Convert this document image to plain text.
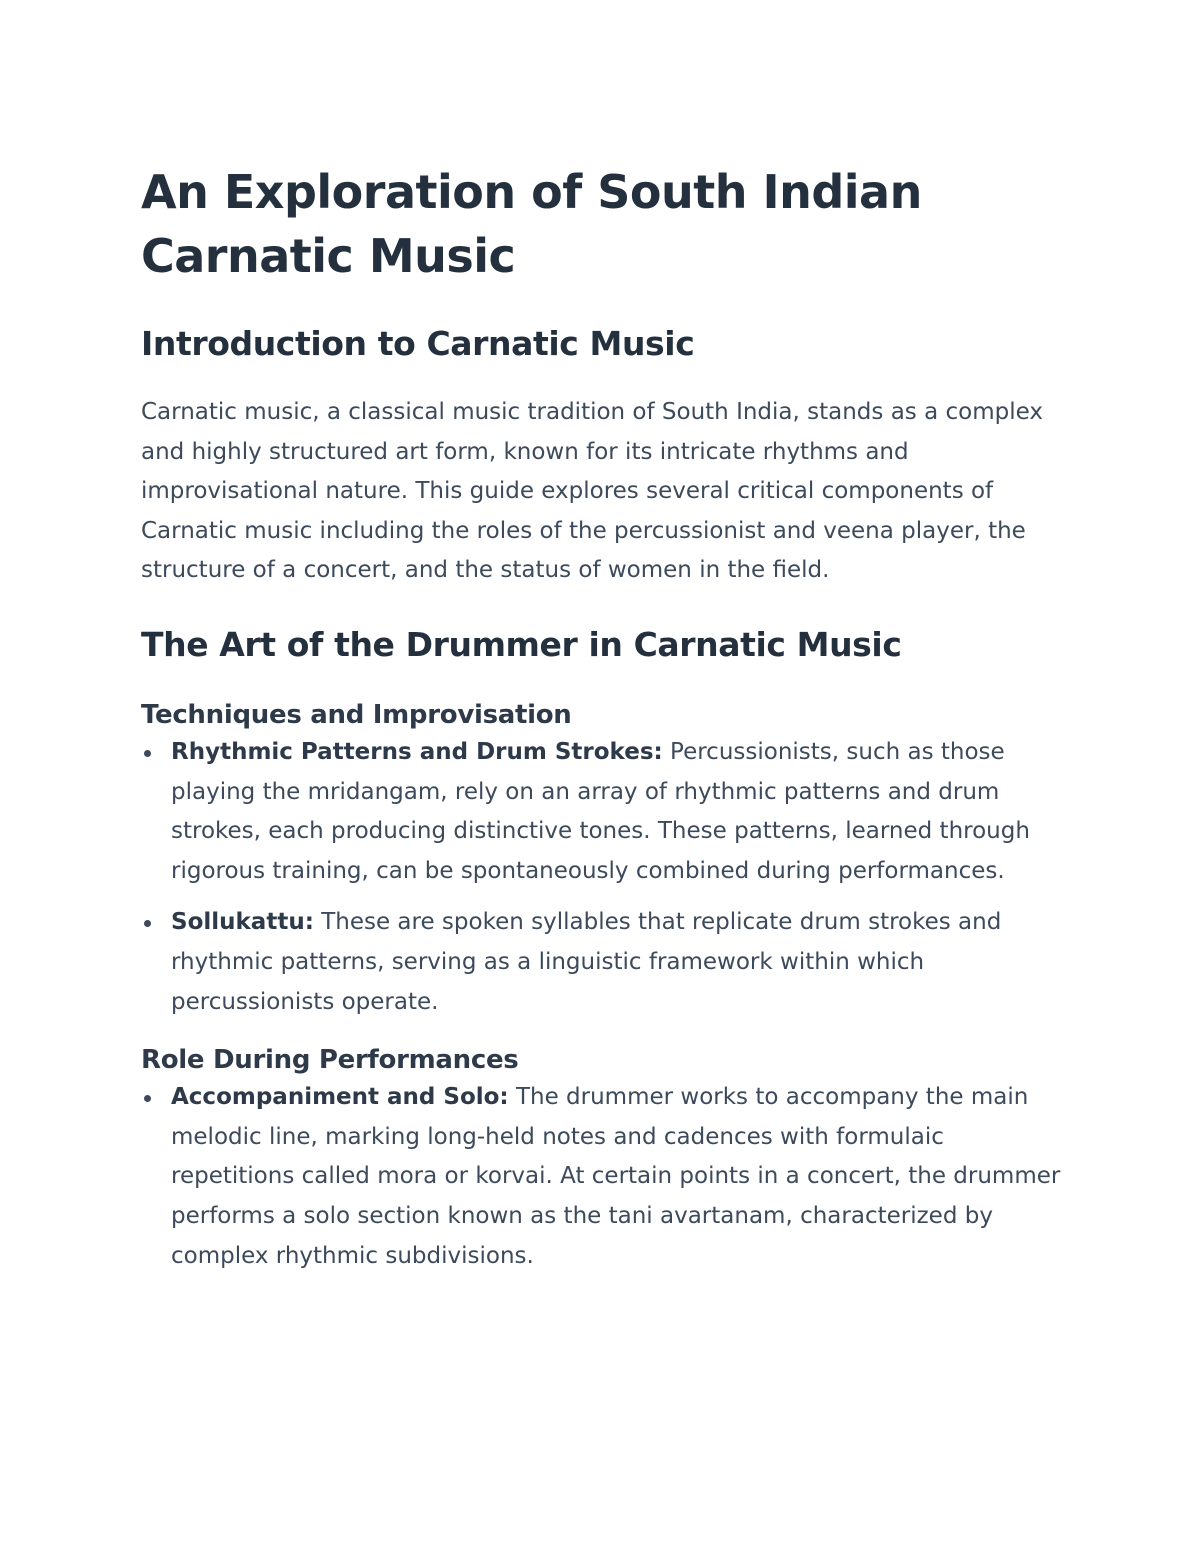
An Exploration of South Indian Carnatic Music
Introduction to Carnatic Music

Carnatic music, a classical music tradition of South India, stands as a complex and highly structured art form, known for its intricate rhythms and improvisational nature. This guide explores several critical components of Carnatic music including the roles of the percussionist and veena player, the structure of a concert, and the status of women in the field.

The Art of the Drummer in Carnatic Music
Techniques and Improvisation
Rhythmic Patterns and Drum Strokes: Percussionists, such as those playing the mridangam, rely on an array of rhythmic patterns and drum strokes, each producing distinctive tones. These patterns, learned through rigorous training, can be spontaneously combined during performances.
Sollukattu: These are spoken syllables that replicate drum strokes and rhythmic patterns, serving as a linguistic framework within which percussionists operate.
Role During Performances
Accompaniment and Solo: The drummer works to accompany the main melodic line, marking long-held notes and cadences with formulaic repetitions called mora or korvai. At certain points in a concert, the drummer performs a solo section known as the tani avartanam, characterized by complex rhythmic subdivisions.
